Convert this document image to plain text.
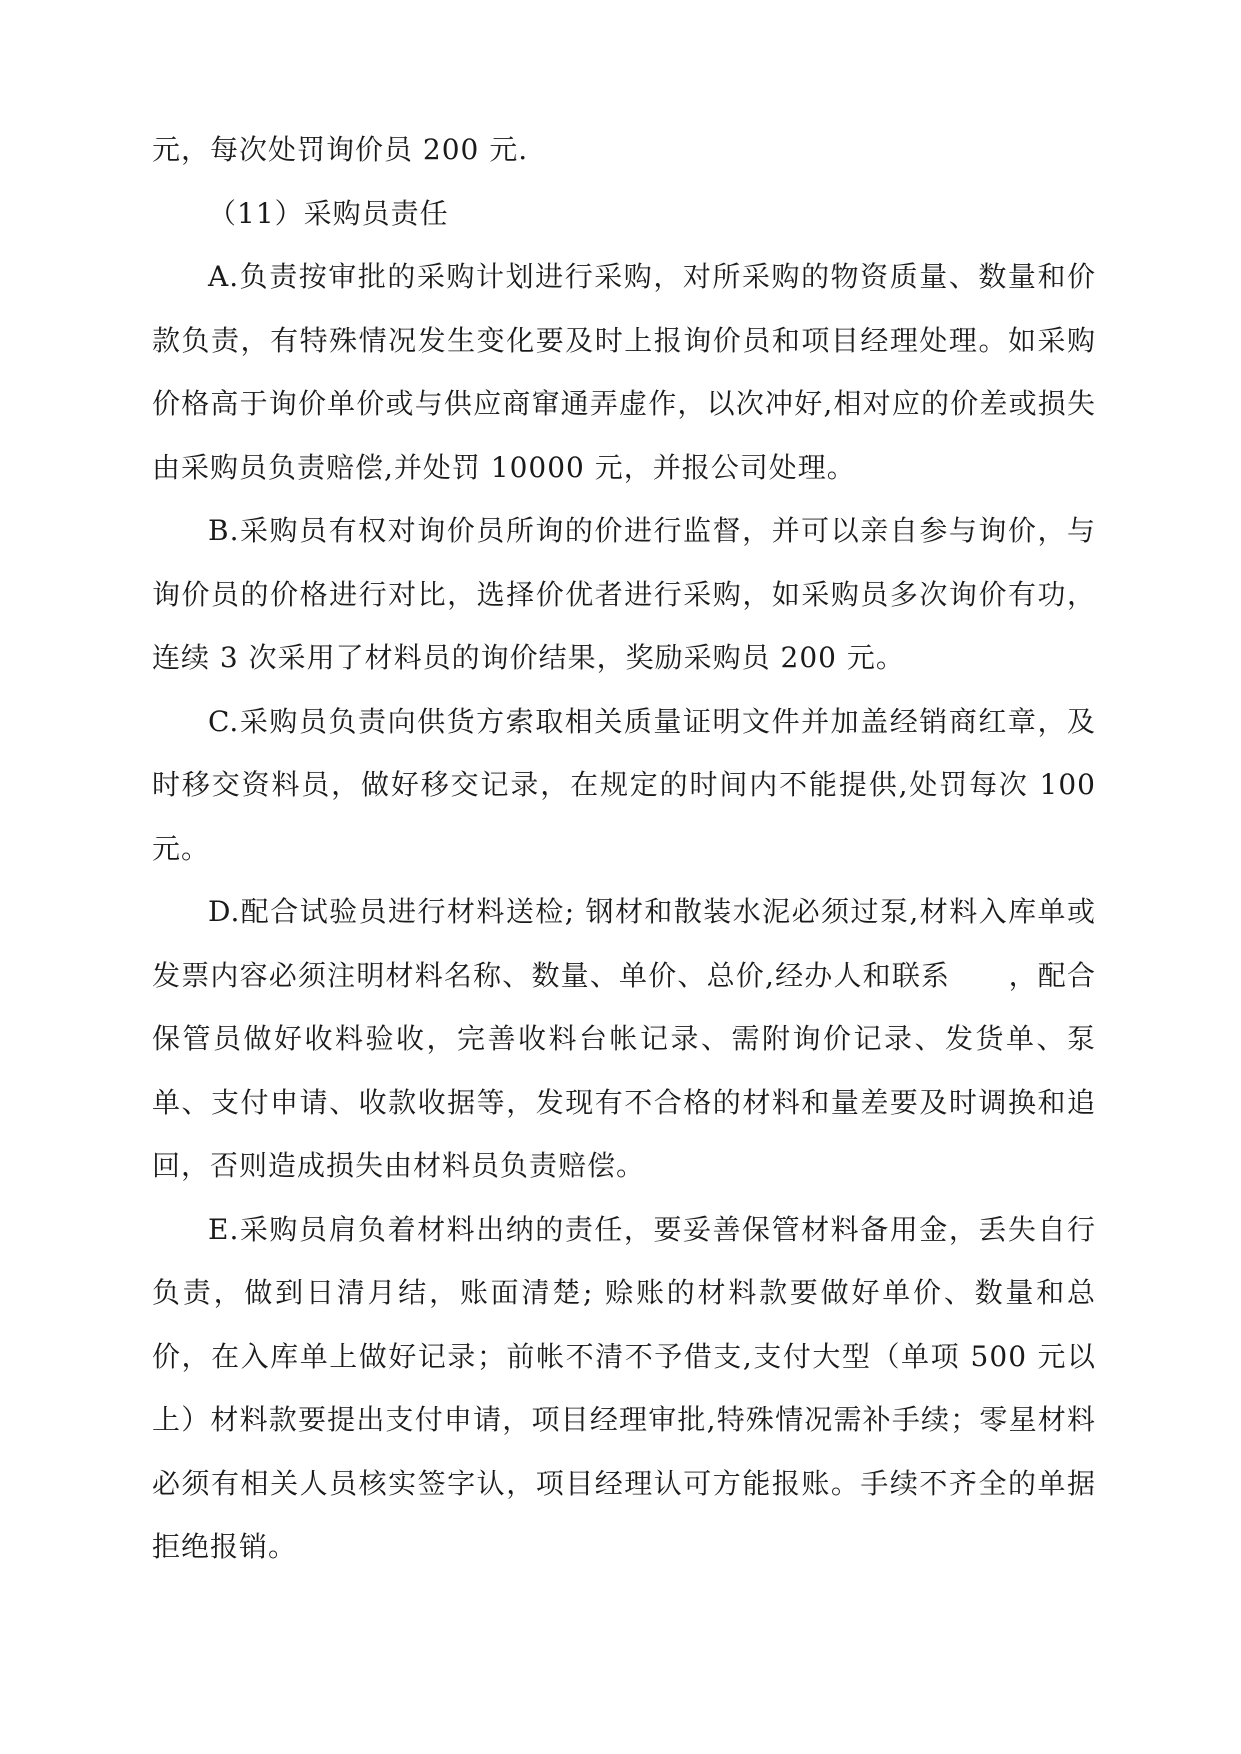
元，每次处罚询价员 200 元.

（11）采购员责任

A.负责按审批的采购计划进行采购，对所采购的物资质量、数量和价款负责，有特殊情况发生变化要及时上报询价员和项目经理处理。如采购价格高于询价单价或与供应商窜通弄虚作，以次冲好,相对应的价差或损失由采购员负责赔偿,并处罚 10000 元，并报公司处理。

B.采购员有权对询价员所询的价进行监督，并可以亲自参与询价，与询价员的价格进行对比，选择价优者进行采购，如采购员多次询价有功，连续 3 次采用了材料员的询价结果，奖励采购员 200 元。

C.采购员负责向供货方索取相关质量证明文件并加盖经销商红章，及时移交资料员，做好移交记录，在规定的时间内不能提供,处罚每次 100 元。

D.配合试验员进行材料送检; 钢材和散装水泥必须过泵,材料入库单或发票内容必须注明材料名称、数量、单价、总价,经办人和联系　　，配合保管员做好收料验收，完善收料台帐记录、需附询价记录、发货单、泵单、支付申请、收款收据等，发现有不合格的材料和量差要及时调换和追回，否则造成损失由材料员负责赔偿。

E.采购员肩负着材料出纳的责任，要妥善保管材料备用金，丢失自行负责，做到日清月结，账面清楚; 赊账的材料款要做好单价、数量和总价，在入库单上做好记录；前帐不清不予借支,支付大型（单项 500 元以上）材料款要提出支付申请，项目经理审批,特殊情况需补手续；零星材料必须有相关人员核实签字认，项目经理认可方能报账。手续不齐全的单据拒绝报销。
